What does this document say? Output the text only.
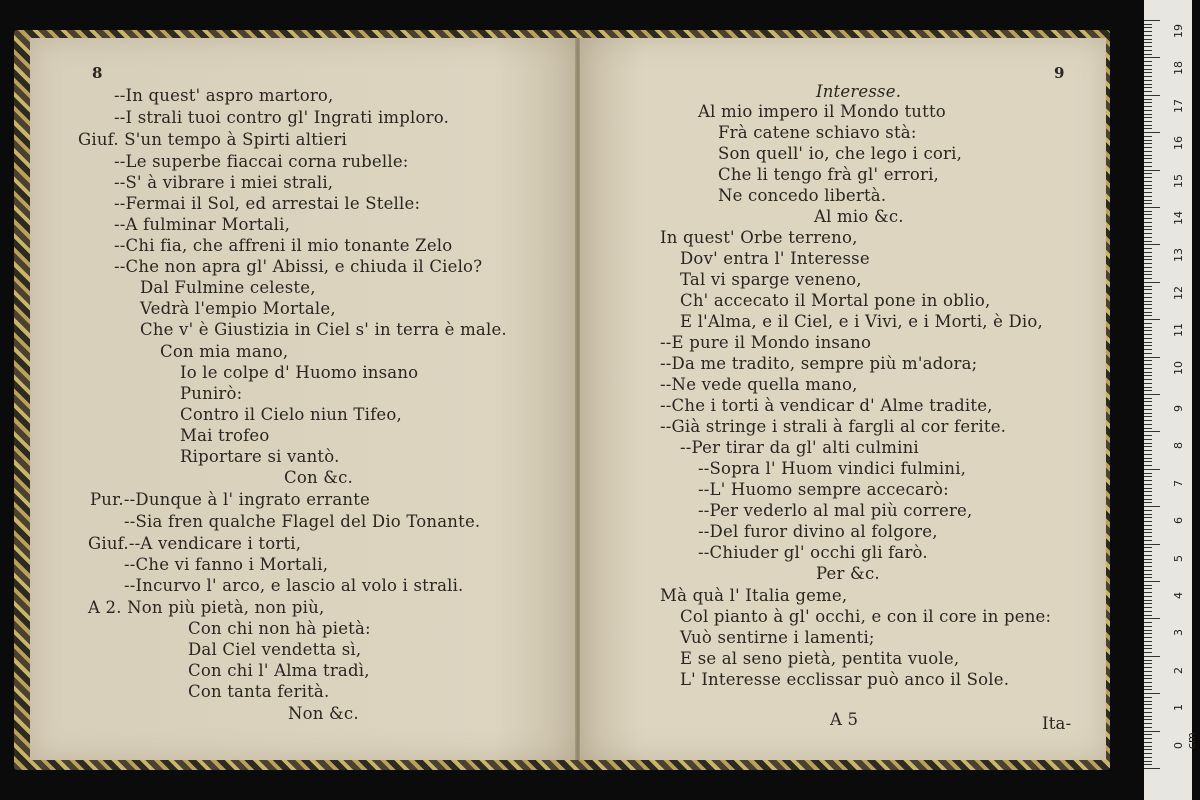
8
--In quest' aspro martoro,
--I strali tuoi contro gl' Ingrati imploro.
Giuf. S'un tempo à Spirti altieri
--Le superbe fiaccai corna rubelle:
--S' à vibrare i miei strali,
--Fermai il Sol, ed arrestai le Stelle:
--A fulminar Mortali,
--Chi fia, che affreni il mio tonante Zelo
--Che non apra gl' Abissi, e chiuda il Cielo?
Dal Fulmine celeste,
Vedrà l'empio Mortale,
Che v' è Giustizia in Ciel s' in terra è male.
Con mia mano,
Io le colpe d' Huomo insano
Punirò:
Contro il Cielo niun Tifeo,
Mai trofeo
Riportare si vantò.
Con &c.
Pur.--Dunque à l' ingrato errante
--Sia fren qualche Flagel del Dio Tonante.
Giuf.--A vendicare i torti,
--Che vi fanno i Mortali,
--Incurvo l' arco, e lascio al volo i strali.
A 2. Non più pietà, non più,
Con chi non hà pietà:
Dal Ciel vendetta sì,
Con chi l' Alma tradì,
Con tanta ferità.
Non &c.
9
Interesse.
Al mio impero il Mondo tutto
Frà catene schiavo stà:
Son quell' io, che lego i cori,
Che li tengo frà gl' errori,
Ne concedo libertà.
Al mio &c.
In quest' Orbe terreno,
Dov' entra l' Interesse
Tal vi sparge veneno,
Ch' accecato il Mortal pone in oblio,
E l'Alma, e il Ciel, e i Vivi, e i Morti, è Dio,
--E pure il Mondo insano
--Da me tradito, sempre più m'adora;
--Ne vede quella mano,
--Che i torti à vendicar d' Alme tradite,
--Già stringe i strali à fargli al cor ferite.
--Per tirar da gl' alti culmini
--Sopra l' Huom vindici fulmini,
--L' Huomo sempre accecarò:
--Per vederlo al mal più correre,
--Del furor divino al folgore,
--Chiuder gl' occhi gli farò.
Per &c.
Mà quà l' Italia geme,
Col pianto à gl' occhi, e con il core in pene:
Vuò sentirne i lamenti;
E se al seno pietà, pentita vuole,
L' Interesse ecclissar può anco il Sole.
A 5	Ita-
19
18
17
16
15
14
13
12
11
10
9
8
7
6
5
4
3
2
1
0 cm
